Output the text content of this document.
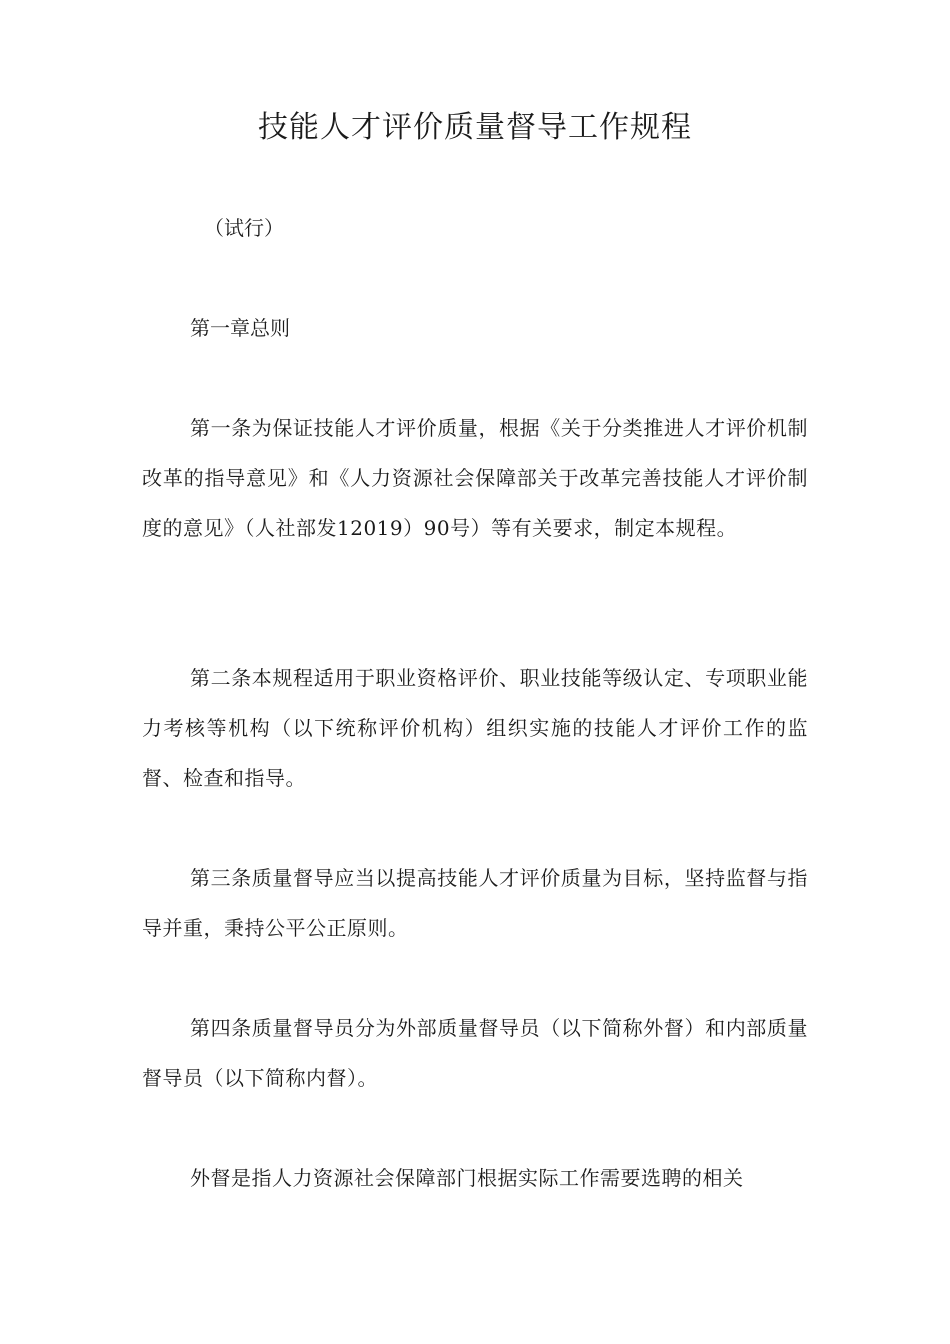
技能人才评价质量督导工作规程
（试行）
第一章总则
第一条为保证技能人才评价质量，根据《关于分类推进人才评价机制改革的指导意见》和《人力资源社会保障部关于改革完善技能人才评价制度的意见》（人社部发12019）90号）等有关要求，制定本规程。
第二条本规程适用于职业资格评价、职业技能等级认定、专项职业能力考核等机构（以下统称评价机构）组织实施的技能人才评价工作的监督、检查和指导。
第三条质量督导应当以提高技能人才评价质量为目标，坚持监督与指导并重，秉持公平公正原则。
第四条质量督导员分为外部质量督导员（以下简称外督）和内部质量督导员（以下简称内督）。
外督是指人力资源社会保障部门根据实际工作需要选聘的相关
